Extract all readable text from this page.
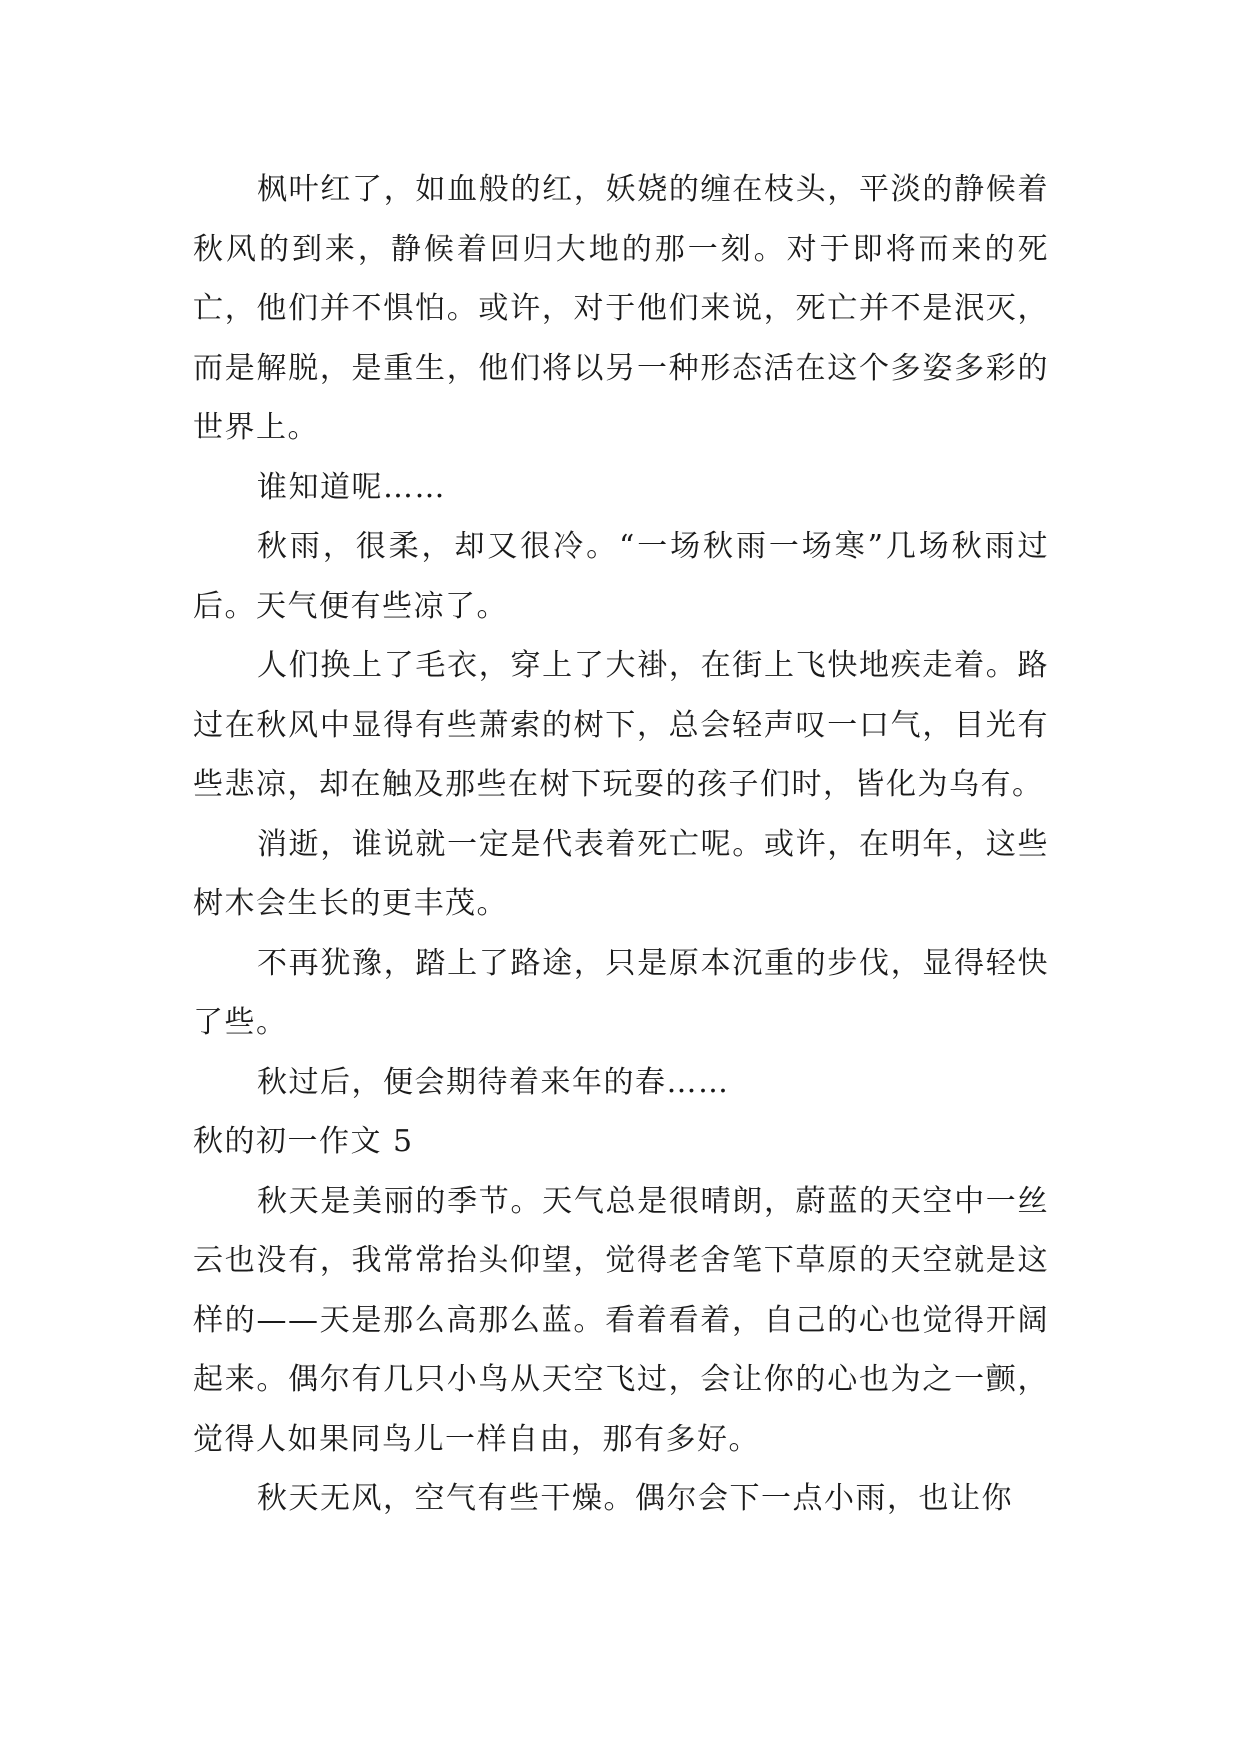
枫叶红了，如血般的红，妖娆的缠在枝头，平淡的静候着秋风的到来，静候着回归大地的那一刻。对于即将而来的死亡，他们并不惧怕。或许，对于他们来说，死亡并不是泯灭，而是解脱，是重生，他们将以另一种形态活在这个多姿多彩的世界上。

谁知道呢……

秋雨，很柔，却又很冷。“一场秋雨一场寒”几场秋雨过后。天气便有些凉了。

人们换上了毛衣，穿上了大褂，在街上飞快地疾走着。路过在秋风中显得有些萧索的树下，总会轻声叹一口气，目光有些悲凉，却在触及那些在树下玩耍的孩子们时，皆化为乌有。

消逝，谁说就一定是代表着死亡呢。或许，在明年，这些树木会生长的更丰茂。

不再犹豫，踏上了路途，只是原本沉重的步伐，显得轻快了些。

秋过后，便会期待着来年的春……

秋的初一作文 5

秋天是美丽的季节。天气总是很晴朗，蔚蓝的天空中一丝云也没有，我常常抬头仰望，觉得老舍笔下草原的天空就是这样的——天是那么高那么蓝。看着看着，自己的心也觉得开阔起来。偶尔有几只小鸟从天空飞过，会让你的心也为之一颤，觉得人如果同鸟儿一样自由，那有多好。

秋天无风，空气有些干燥。偶尔会下一点小雨，也让你
